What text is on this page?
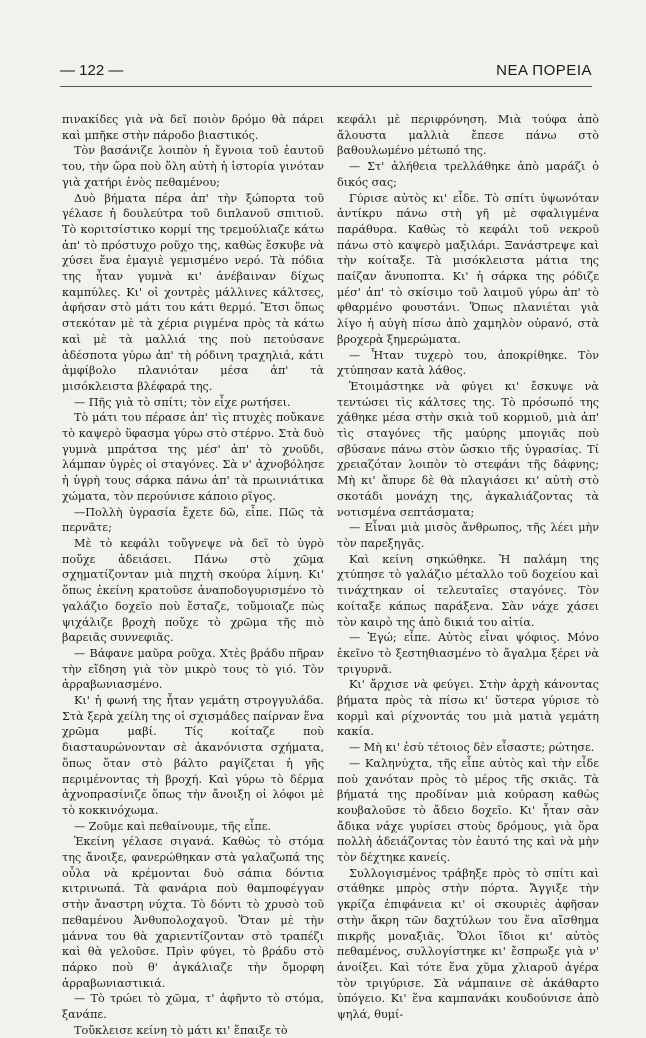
— 122 —	ΝΕΑ ΠΟΡΕΙΑ

πινακίδες γιὰ νὰ δεῖ ποιὸν δρόμο θὰ πάρει καὶ μπῆκε στὴν πάροδο βιαστικός.

Τὸν βασάνιζε λοιπὸν ἡ ἔγνοια τοῦ ἑαυτοῦ του, τὴν ὥρα ποὺ ὅλη αὐτὴ ἡ ἱστορία γινόταν γιὰ χατήρι ἑνὸς πεθαμένου;

Δυὸ βήματα πέρα ἀπ' τὴν ξώπορτα τοῦ γέλασε ἡ δουλεύτρα τοῦ διπλανοῦ σπιτιοῦ. Τὸ κοριτσίστικο κορμί της τρεμούλιαζε κάτω ἀπ' τὸ πρόστυχο ροῦχο της, καθὼς ἔσκυβε νὰ χύσει ἕνα ἐμαγιὲ γεμισμένο νερό. Τὰ πόδια της ἦταν γυμνὰ κι' ἀνέβαιναν δίχως καμπύλες. Κι' οἱ χοντρὲς μάλλινες κάλτσες, ἀφήσαν στὸ μάτι του κάτι θερμό. Ἔτσι ὅπως στεκόταν μὲ τὰ χέρια ριγμένα πρὸς τὰ κάτω καὶ μὲ τὰ μαλλιά της ποὺ πετούσανε ἀδέσποτα γύρω ἀπ' τὴ ρόδινη τραχηλιά, κάτι ἀμφίβολο πλανιόταν μέσα ἀπ' τὰ μισόκλειστα βλέφαρά της.

— Πῆς γιὰ τὸ σπίτι; τὸν εἶχε ρωτήσει.

Τὸ μάτι του πέρασε ἀπ' τὶς πτυχὲς ποὔκανε τὸ καψερὸ ὕφασμα γύρω στὸ στέρνο. Στὰ δυὸ γυμνὰ μπράτσα της μέσ' ἀπ' τὸ χνοῦδι, λάμπαν ὑγρὲς οἱ σταγόνες. Σὰ ν' ἀχνοβόλησε ἡ ὑγρὴ τους σάρκα πάνω ἀπ' τὰ πρωινιάτικα χώματα, τὸν περούνισε κάποιο ρῖγος.

—Πολλὴ ὑγρασία ἔχετε δῶ, εἶπε. Πῶς τὰ περνᾶτε;

Μὲ τὸ κεφάλι τοὔγνεψε νὰ δεῖ τὸ ὑγρὸ ποὔχε ἀδειάσει. Πάνω στὸ χῶμα σχηματίζονταν μιὰ πηχτὴ σκούρα λίμνη. Κι' ὅπως ἐκείνη κρατοῦσε ἀναποδογυρισμένο τὸ γαλάζιο δοχεῖο ποὺ ἔσταζε, τοὔμοιαζε πὼς ψιχάλιζε βροχὴ ποὔχε τὸ χρῶμα τῆς πιὸ βαρειᾶς συννεφιᾶς.

— Βάφανε μαῦρα ροῦχα. Χτὲς βράδυ πῆραν τὴν εἴδηση γιὰ τὸν μικρὸ τους τὸ γιό. Τὸν ἀρραβωνιασμένο.

Κι' ἡ φωνή της ἦταν γεμάτη στρογγυλάδα. Στὰ ξερὰ χείλη της οἱ σχισμάδες παίρναν ἕνα χρῶμα μαβί. Τίς κοίταζε ποὺ διασταυρώνονταν σὲ ἀκανόνιστα σχήματα, ὅπως ὅταν στὸ βάλτο ραγίζεται ἡ γῆς περιμένοντας τὴ βροχή. Καὶ γύρω τὸ δέρμα ἀχνοπρασίνιζε ὅπως τὴν ἄνοιξη οἱ λόφοι μὲ τὸ κοκκινόχωμα.

— Ζοῦμε καὶ πεθαίνουμε, τῆς εἶπε.

Ἐκείνη γέλασε σιγανά. Καθὼς τὸ στόμα της ἄνοιξε, φανερώθηκαν στὰ γαλαζωπά της οὖλα νὰ κρέμονται δυὸ σάπια δόντια κιτρινωπά. Τὰ φανάρια ποὺ θαμποφέγγαν στὴν ἄναστρη νύχτα. Τὸ δόντι τὸ χρυσὸ τοῦ πεθαμένου Ἀνθυπολοχαγοῦ. Ὅταν μὲ τὴν μάννα του θὰ χαριεντίζονταν στὸ τραπέζι καὶ θὰ γελοῦσε. Πρὶν φύγει, τὸ βράδυ στὸ πάρκο ποὺ θ' ἀγκάλιαζε τὴν ὄμορφη ἀρραβωνιαστικιά.

— Τὸ τρώει τὸ χῶμα, τ' ἀφῆντο τὸ στόμα, ξανάπε.

Τοὔκλεισε κείνη τὸ μάτι κι' ἔπαιξε τὸ

κεφάλι μὲ περιφρόνηση. Μιὰ τούφα ἀπὸ ἄλουστα μαλλιὰ ἔπεσε πάνω στὸ βαθουλωμένο μέτωπό της.

— Στ' ἀλήθεια τρελλάθηκε ἀπὸ μαράζι ὁ δικός σας;

Γύρισε αὐτὸς κι' εἶδε. Τὸ σπίτι ὑψωνόταν ἀντίκρυ πάνω στὴ γῆ μὲ σφαλιγμένα παράθυρα. Καθὼς τὸ κεφάλι τοῦ νεκροῦ πάνω στὸ καψερὸ μαξιλάρι. Ξανάστρεψε καὶ τὴν κοίταξε. Τὰ μισόκλειστα μάτια της παίζαν ἄνυποπτα. Κι' ἡ σάρκα της ρόδιζε μέσ' ἀπ' τὸ σκίσιμο τοῦ λαιμοῦ γύρω ἀπ' τὸ φθαρμένο φουστάνι. Ὅπως πλανιέται γιὰ λίγο ἡ αὐγὴ πίσω ἀπὸ χαμηλὸν οὐρανό, στὰ βροχερὰ ξημερώματα.

— Ἦταν τυχερὸ του, ἀποκρίθηκε. Τὸν χτύπησαν κατὰ λάθος.

Ἑτοιμάστηκε νὰ φύγει κι' ἔσκυψε νὰ τεντώσει τὶς κάλτσες της. Τὸ πρόσωπό της χάθηκε μέσα στὴν σκιὰ τοῦ κορμιοῦ, μιὰ ἀπ' τὶς σταγόνες τῆς μαύρης μπογιᾶς ποὺ σβύσανε πάνω στὸν ὤσκιο τῆς ὑγρασίας. Τί χρειαζόταν λοιπὸν τὸ στεφάνι τῆς δάφνης; Μὴ κι' ἄπυρε δὲ θὰ πλαγιάσει κι' αὐτὴ στὸ σκοτάδι μονάχη της, ἀγκαλιάζοντας τὰ νοτισμένα σεπτάσματα;

— Εἶναι μιὰ μισὸς ἄνθρωπος, τῆς λέει μὴν τὸν παρεξηγᾶς.

Καὶ κείνη σηκώθηκε. Ἡ παλάμη της χτύπησε τὸ γαλάζιο μέταλλο τοῦ δοχείου καὶ τινάχτηκαν οἱ τελευταῖες σταγόνες. Τὸν κοίταξε κάπως παράξενα. Σὰν νάχε χάσει τὸν καιρὸ της ἀπὸ δικιά του αἰτία.

— Ἐγώ; εἶπε. Αὐτὸς εἶναι ψόφιος. Μόνο ἐκεῖνο τὸ ξεστηθιασμένο τὸ ἄγαλμα ξέρει νὰ τριγυρνᾶ.

Κι' ἄρχισε νὰ φεύγει. Στὴν ἀρχὴ κάνοντας βήματα πρὸς τὰ πίσω κι' ὕστερα γύρισε τὸ κορμὶ καὶ ρίχνοντάς του μιὰ ματιὰ γεμάτη κακία.

— Μὴ κι' ἐσὺ τέτοιος δὲν εἶσαστε; ρώτησε.

— Καληνύχτα, τῆς εἶπε αὐτὸς καὶ τὴν εἶδε ποὺ χανόταν πρὸς τὸ μέρος τῆς σκιᾶς. Τὰ βήματά της προδίναν μιὰ κούραση καθὼς κουβαλοῦσε τὸ ἄδειο δοχεῖο. Κι' ἦταν σὰν ἄδικα νάχε γυρίσει στοὺς δρόμους, γιὰ ὅρα πολλὴ ἀδειάζοντας τὸν ἑαυτό της καὶ νὰ μὴν τὸν δέχτηκε κανείς.

Συλλογισμένος τράβηξε πρὸς τὸ σπίτι καὶ στάθηκε μπρὸς στὴν πόρτα. Ἄγγιξε τὴν γκρίζα ἐπιφάνεια κι' οἱ σκουριὲς ἀφῆσαν στὴν ἄκρη τῶν δαχτύλων του ἕνα αἴσθημα πικρῆς μοναξιᾶς. Ὅλοι ἴδιοι κι' αὐτὸς πεθαμένος, συλλογίστηκε κι' ἔσπρωξε γιὰ ν' ἀνοίξει. Καὶ τότε ἕνα χῦμα χλιαροῦ ἀγέρα τὸν τριγύρισε. Σὰ νάμπαινε σὲ ἀκάθαρτο ὑπόγειο. Κι' ἕνα καμπανάκι κουδούνισε ἀπὸ ψηλά, θυμί-
